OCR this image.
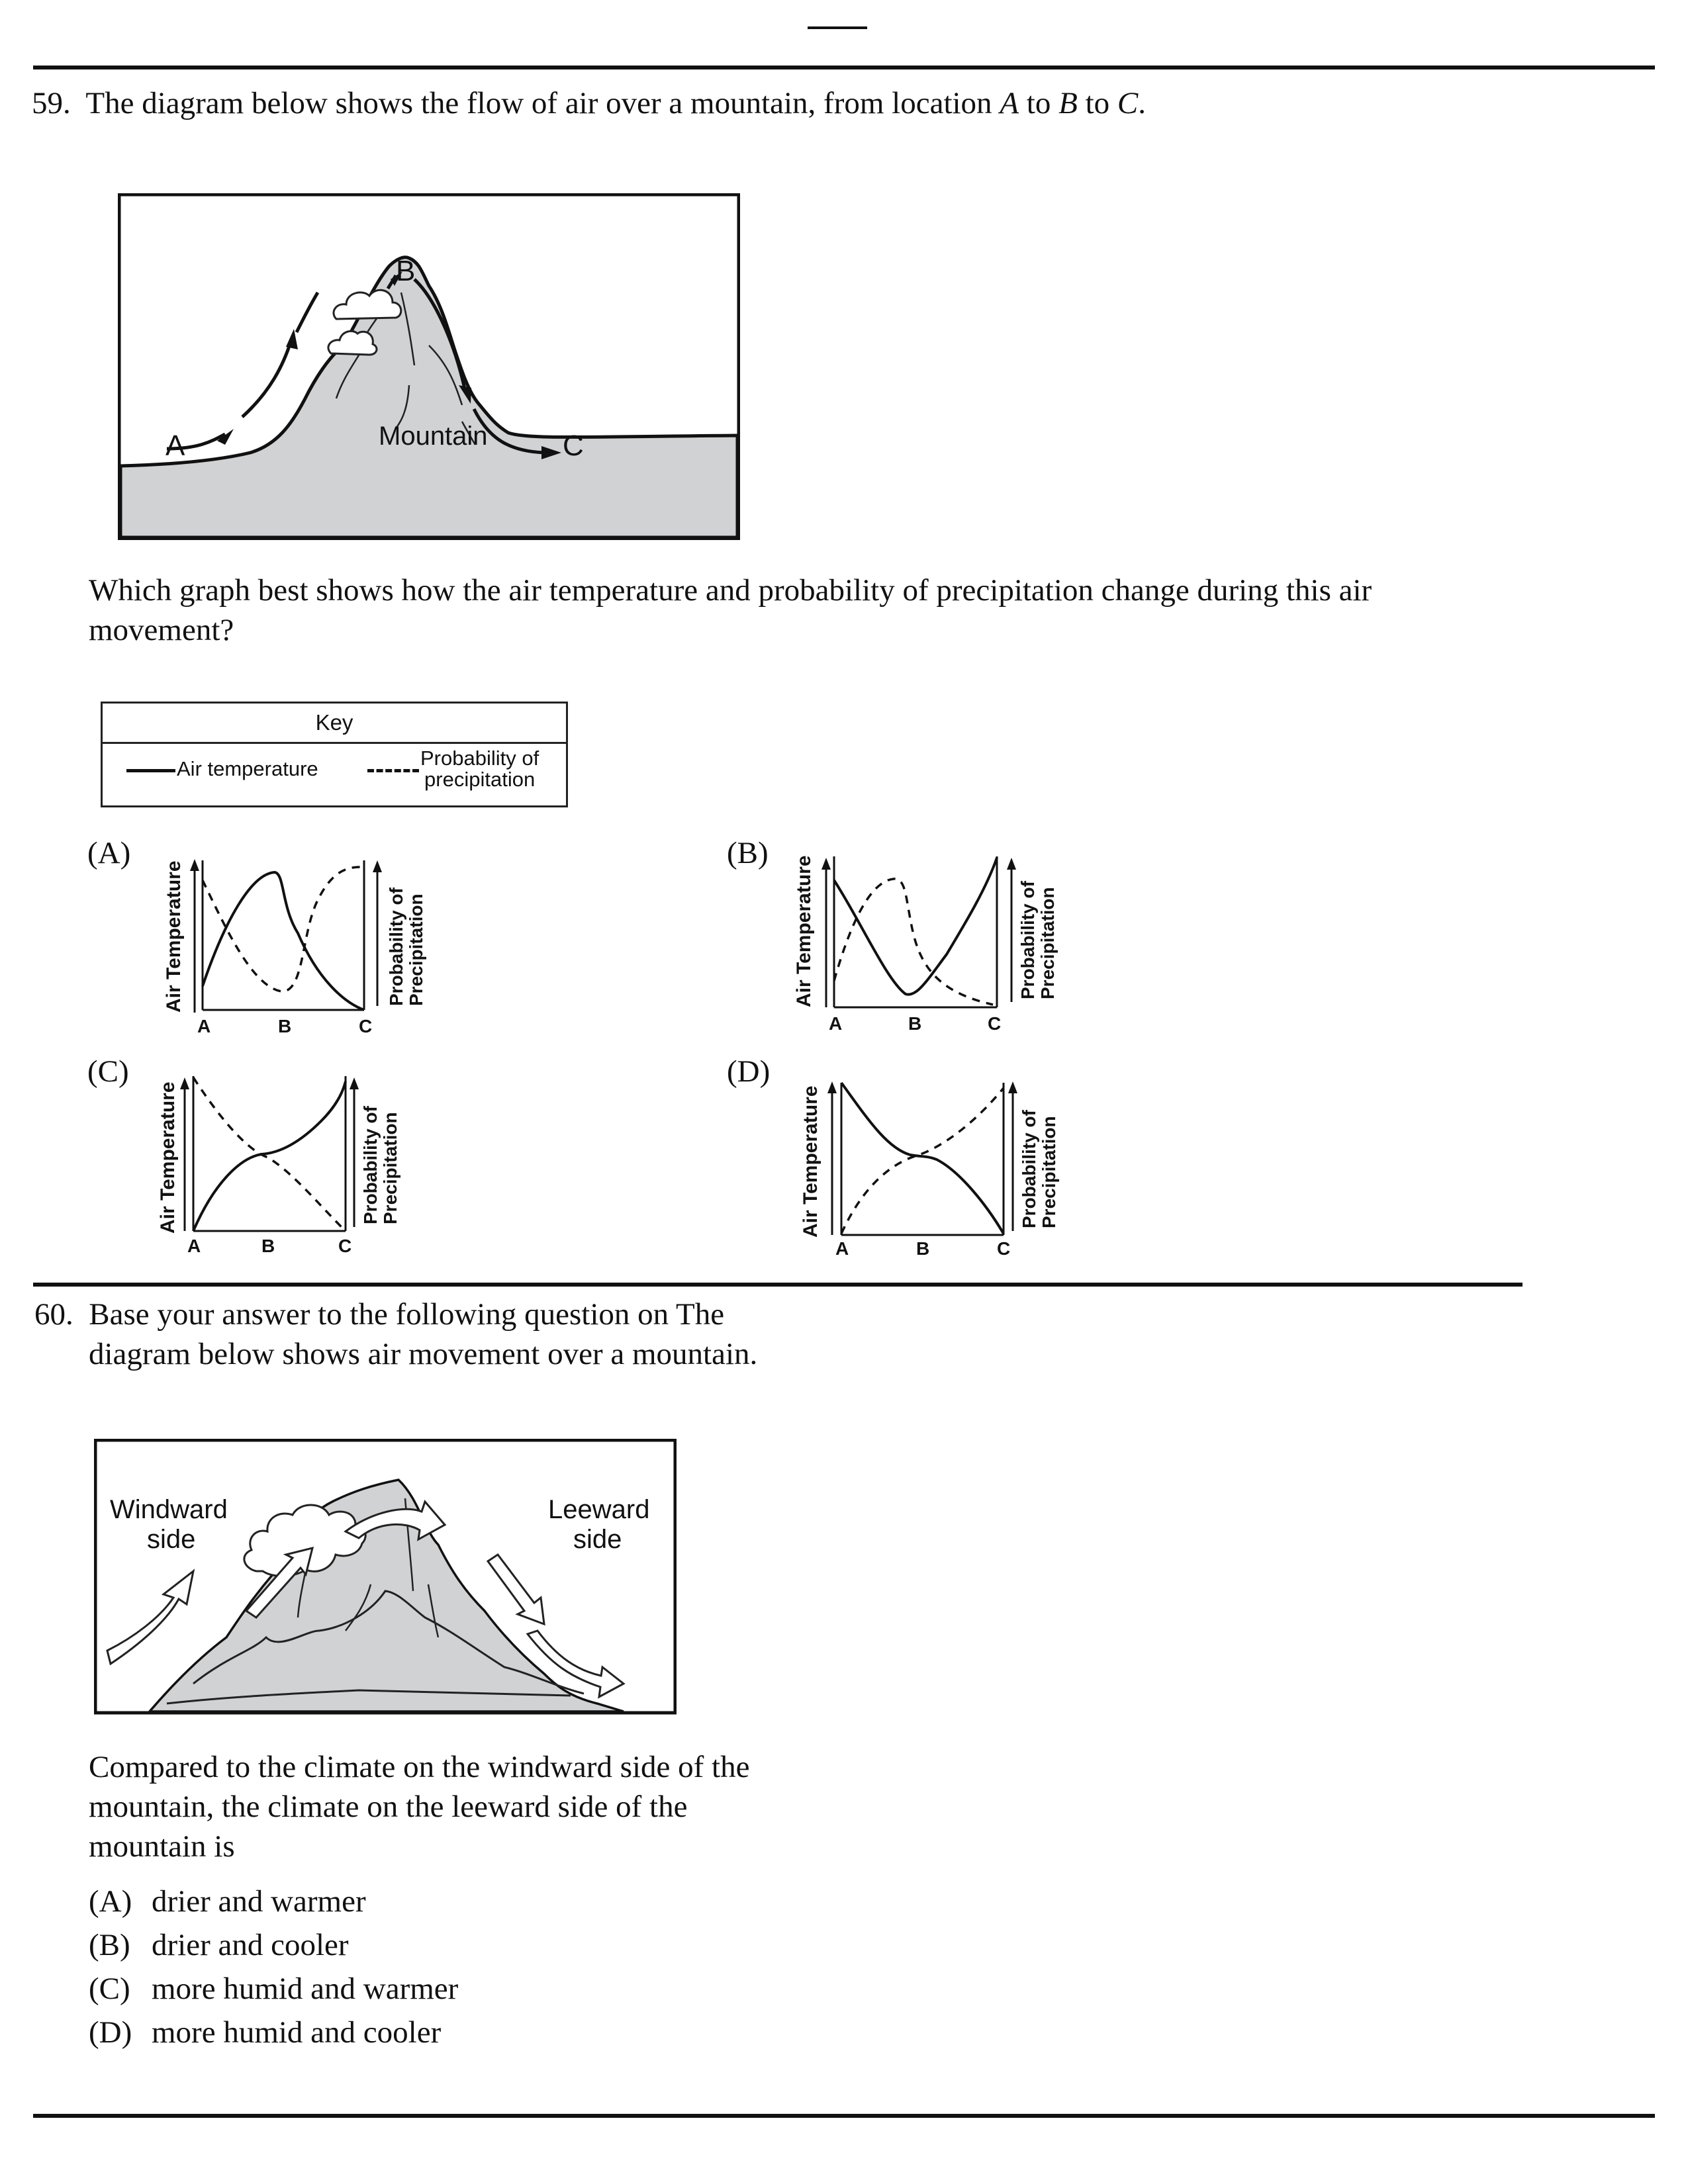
59. The diagram below shows the flow of air over a mountain, from location A to B to C.
A
B
C
Mountain
Which graph best shows how the air temperature and probability of precipitation change during this air
movement?
Key
Air temperature	Probability of
precipitation
(A)
Air Temperature	Probability of Precipitation
A	B	C
(B)
Air Temperature	Probability of Precipitation
A	B	C
(C)
Air Temperature	Probability of Precipitation
A	B	C
(D)
Air Temperature	Probability of Precipitation
A	B	C
60. Base your answer to the following question on The
diagram below shows air movement over a mountain.
Windward
side
Leeward
side
Compared to the climate on the windward side of the
mountain, the climate on the leeward side of the
mountain is
(A) drier and warmer
(B) drier and cooler
(C) more humid and warmer
(D) more humid and cooler
